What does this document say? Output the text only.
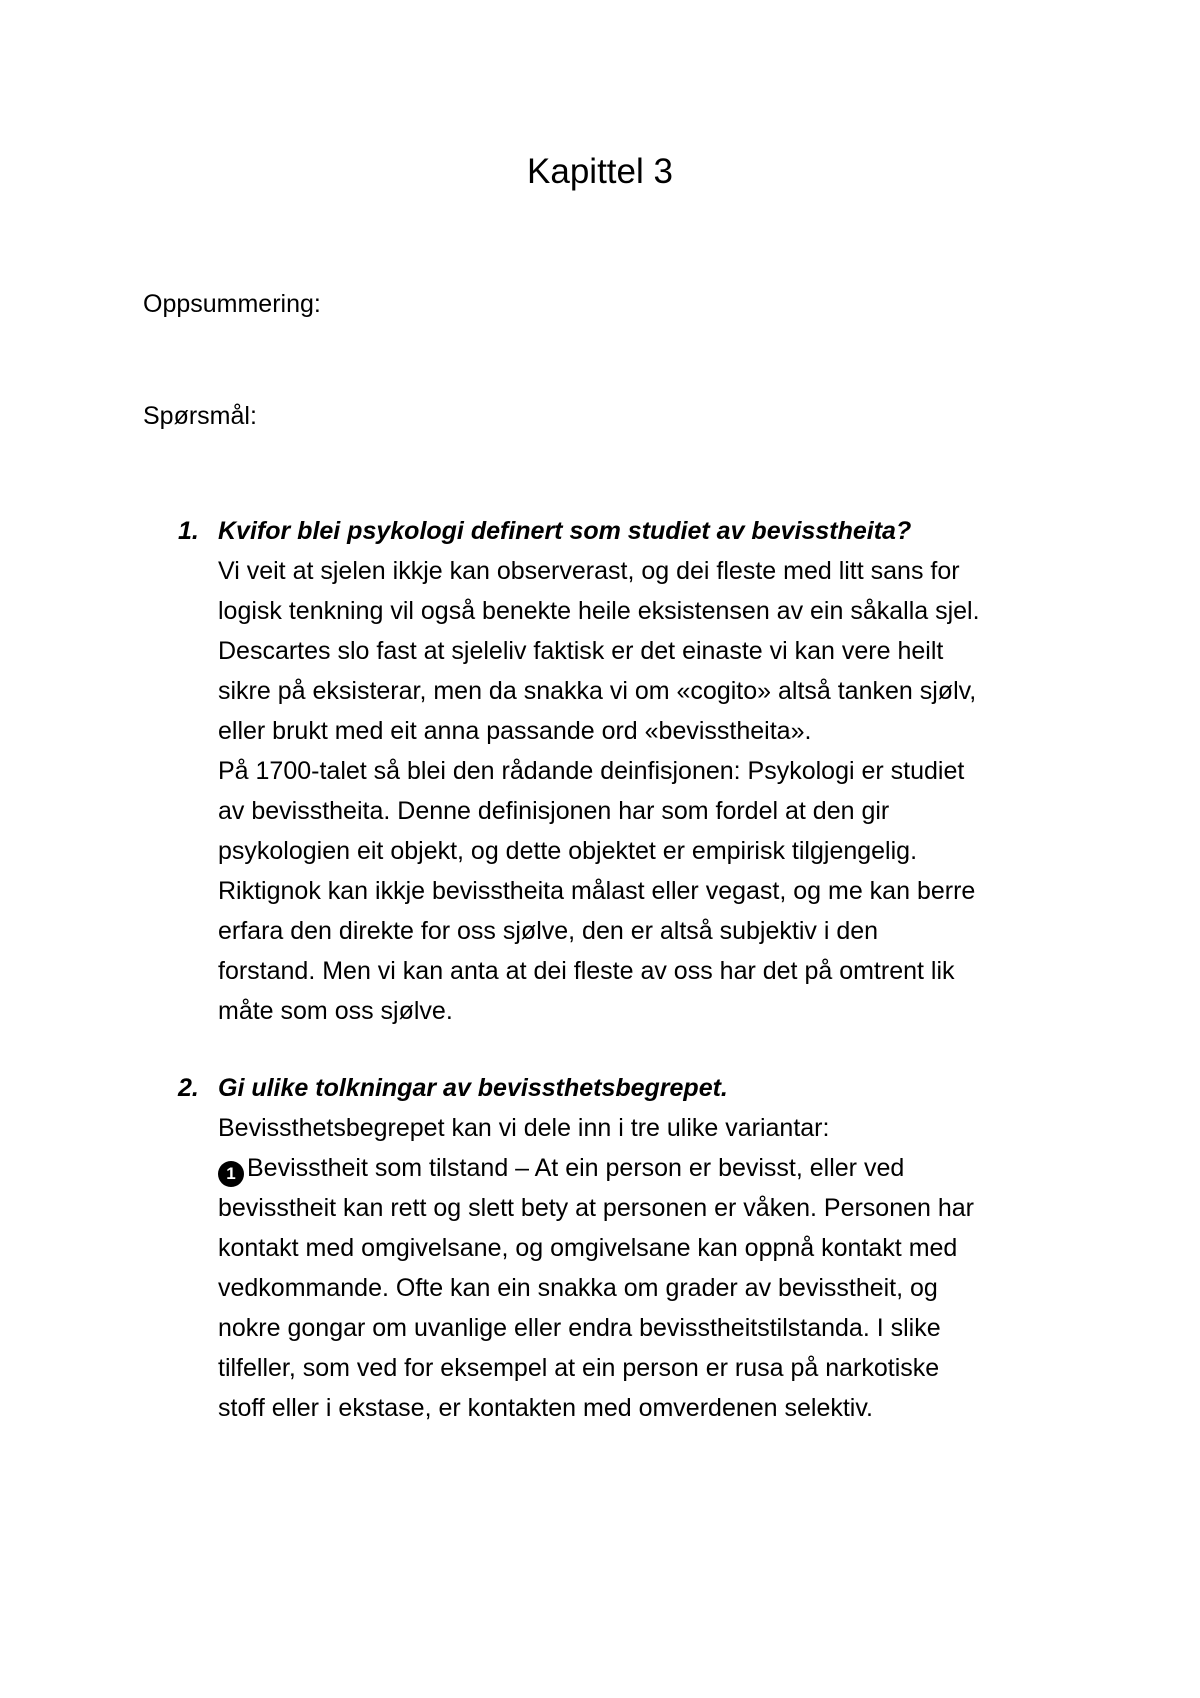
Kapittel 3
Oppsummering:
Spørsmål:
1. Kvifor blei psykologi definert som studiet av bevisstheita?
Vi veit at sjelen ikkje kan observerast, og dei fleste med litt sans for
logisk tenkning vil også benekte heile eksistensen av ein såkalla sjel.
Descartes slo fast at sjeleliv faktisk er det einaste vi kan vere heilt
sikre på eksisterar, men da snakka vi om «cogito» altså tanken sjølv,
eller brukt med eit anna passande ord «bevisstheita».
På 1700-talet så blei den rådande deinfisjonen: Psykologi er studiet
av bevisstheita. Denne definisjonen har som fordel at den gir
psykologien eit objekt, og dette objektet er empirisk tilgjengelig.
Riktignok kan ikkje bevisstheita målast eller vegast, og me kan berre
erfara den direkte for oss sjølve, den er altså subjektiv i den
forstand. Men vi kan anta at dei fleste av oss har det på omtrent lik
måte som oss sjølve.
2. Gi ulike tolkningar av bevissthetsbegrepet.
Bevissthetsbegrepet kan vi dele inn i tre ulike variantar:
1 Bevisstheit som tilstand – At ein person er bevisst, eller ved
bevisstheit kan rett og slett bety at personen er våken. Personen har
kontakt med omgivelsane, og omgivelsane kan oppnå kontakt med
vedkommande. Ofte kan ein snakka om grader av bevisstheit, og
nokre gongar om uvanlige eller endra bevisstheitstilstanda. I slike
tilfeller, som ved for eksempel at ein person er rusa på narkotiske
stoff eller i ekstase, er kontakten med omverdenen selektiv.
